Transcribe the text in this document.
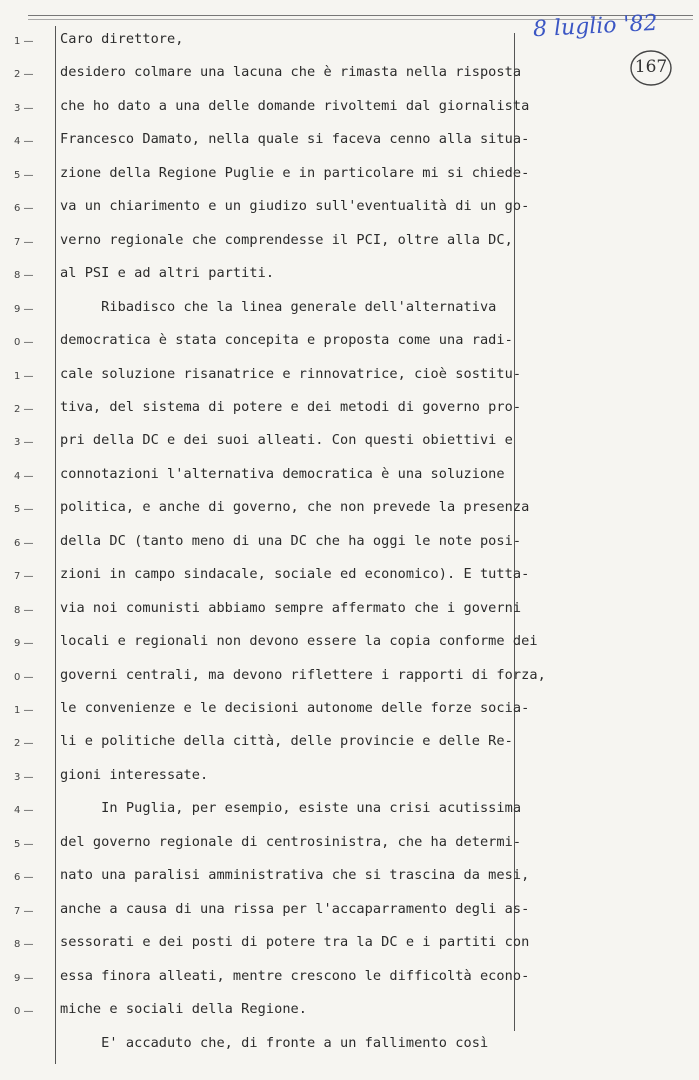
8 luglio '82
167
1 —
2 —
3 —
4 —
5 —
6 —
7 —
8 —
9 —
0 —
1 —
2 —
3 —
4 —
5 —
6 —
7 —
8 —
9 —
0 —
1 —
2 —
3 —
4 —
5 —
6 —
7 —
8 —
9 —
0 —
Caro direttore,
desidero colmare una lacuna che è rimasta nella risposta
che ho dato a una delle domande rivoltemi dal giornalista
Francesco Damato, nella quale si faceva cenno alla situa-
zione della Regione Puglie e in particolare mi si chiede-
va un chiarimento e un giudizo sull'eventualità di un go-
verno regionale che comprendesse il PCI, oltre alla DC,
al PSI e ad altri partiti.
Ribadisco che la linea generale dell'alternativa
democratica è stata concepita e proposta come una radi-
cale soluzione risanatrice e rinnovatrice, cioè sostitu-
tiva, del sistema di potere e dei metodi di governo pro-
pri della DC e dei suoi alleati. Con questi obiettivi e
connotazioni l'alternativa democratica è una soluzione
politica, e anche di governo, che non prevede la presenza
della DC (tanto meno di una DC che ha oggi le note posi-
zioni in campo sindacale, sociale ed economico). E tutta-
via noi comunisti abbiamo sempre affermato che i governi
locali e regionali non devono essere la copia conforme dei
governi centrali, ma devono riflettere i rapporti di forza,
le convenienze e le decisioni autonome delle forze socia-
li e politiche della città, delle provincie e delle Re-
gioni interessate.
In Puglia, per esempio, esiste una crisi acutissima
del governo regionale di centrosinistra, che ha determi-
nato una paralisi amministrativa che si trascina da mesi,
anche a causa di una rissa per l'accaparramento degli as-
sessorati e dei posti di potere tra la DC e i partiti con
essa finora alleati, mentre crescono le difficoltà econo-
miche e sociali della Regione.
E' accaduto che, di fronte a un fallimento così
